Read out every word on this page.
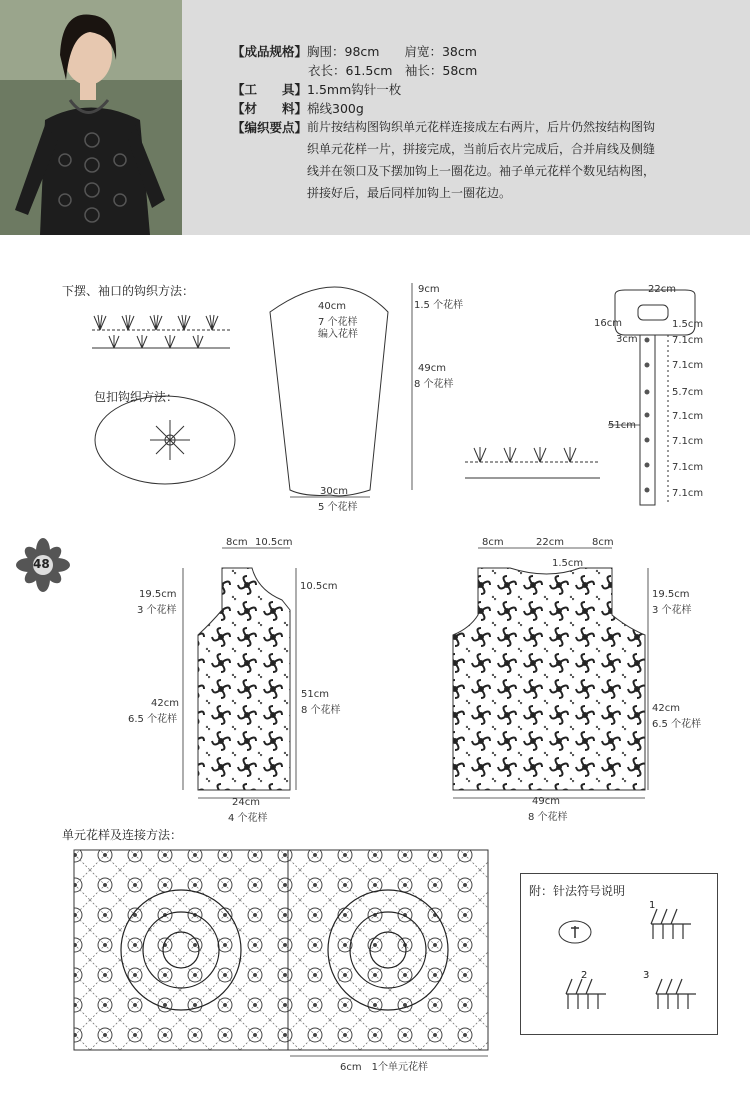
【成品规格】胸围：98cm　　肩宽：38cm
衣长：61.5cm　袖长：58cm
【工　　具】1.5mm钩针一枚
【材　　料】棉线300g
【编织要点】 前片按结构图钩织单元花样连接成左右两片，后片仍然按结构图钩
织单元花样一片，拼接完成，当前后衣片完成后，合并肩线及侧缝
线并在领口及下摆加钩上一圈花边。袖子单元花样个数见结构图，
拼接好后，最后同样加钩上一圈花边。
下摆、袖口的钩织方法：
包扣钩织方法：
单元花样及连接方法：
40cm
7 个花样
编入花样
9cm
1.5 个花样
49cm
8 个花样
30cm
5 个花样
22cm
16cm	1.5cm
3cm
51cm
7.1cm
7.1cm
5.7cm
7.1cm
7.1cm
7.1cm
7.1cm
48
8cm 10.5cm
10.5cm
19.5cm
3 个花样
42cm
6.5 个花样
51cm
8 个花样
24cm
4 个花样
8cm	22cm	8cm
1.5cm
19.5cm
3 个花样
42cm
6.5 个花样
49cm
8 个花样
6cm　1个单元花样
附：针法符号说明
1
2	3
